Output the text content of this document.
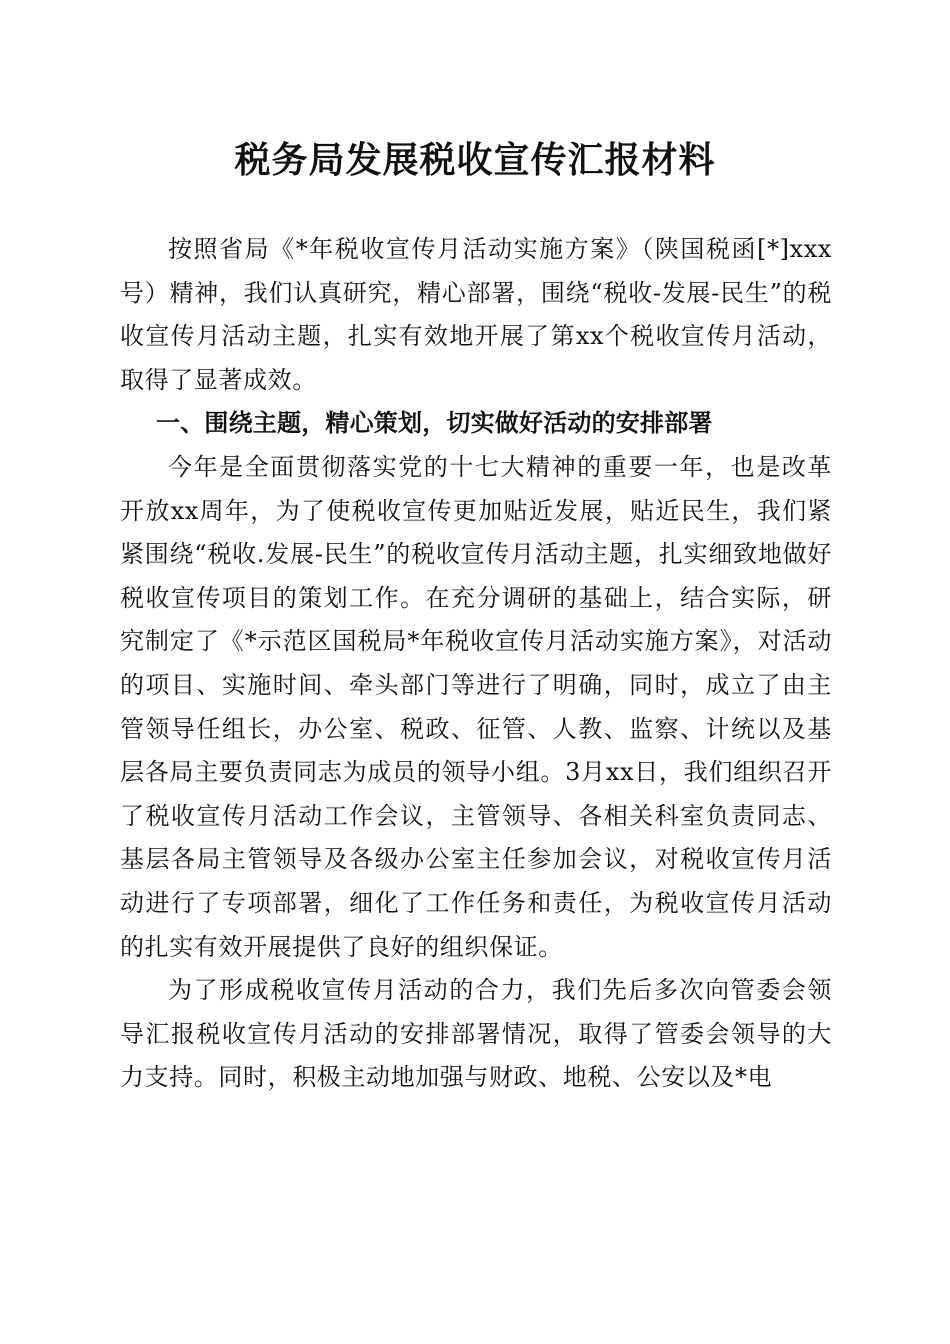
税务局发展税收宣传汇报材料

按照省局《*年税收宣传月活动实施方案》（陕国税函[*]xxx号）精神，我们认真研究，精心部署，围绕“税收-发展-民生”的税收宣传月活动主题，扎实有效地开展了第xx个税收宣传月活动，取得了显著成效。

一、围绕主题，精心策划，切实做好活动的安排部署

今年是全面贯彻落实党的十七大精神的重要一年，也是改革开放xx周年，为了使税收宣传更加贴近发展，贴近民生，我们紧紧围绕“税收.发展-民生”的税收宣传月活动主题，扎实细致地做好税收宣传项目的策划工作。在充分调研的基础上，结合实际，研究制定了《*示范区国税局*年税收宣传月活动实施方案》，对活动的项目、实施时间、牵头部门等进行了明确，同时，成立了由主管领导任组长，办公室、税政、征管、人教、监察、计统以及基层各局主要负责同志为成员的领导小组。3月xx日，我们组织召开了税收宣传月活动工作会议，主管领导、各相关科室负责同志、基层各局主管领导及各级办公室主任参加会议，对税收宣传月活动进行了专项部署，细化了工作任务和责任，为税收宣传月活动的扎实有效开展提供了良好的组织保证。

为了形成税收宣传月活动的合力，我们先后多次向管委会领导汇报税收宣传月活动的安排部署情况，取得了管委会领导的大力支持。同时，积极主动地加强与财政、地税、公安以及*电
